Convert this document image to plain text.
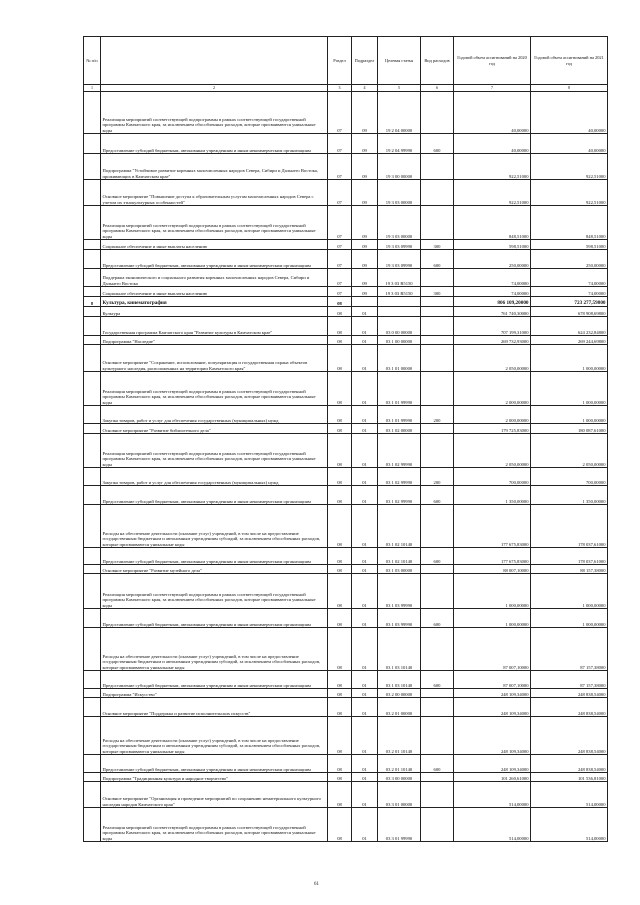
№ п/п		Раздел	Подраздел	Целевая статья	Вид расходов	Годовой объем ассигнований на 2020 год	Годовой объем ассигнований на 2021 год
1	2	3	4	5	6	7	8
	Реализация мероприятий соответствующей подпрограммы в рамках соответствующей государственной программы Камчатского края, за исключением обособленных расходов, которые присваиваются уникальные коды	07	09	19 2 04 00000		40,00000	40,00000
	Предоставление субсидий бюджетным, автономным учреждениям и иным некоммерческим организациям	07	09	19 2 04 99990	600	40,00000	40,00000
	Подпрограмма "Устойчивое развитие коренных малочисленных народов Севера, Сибири и Дальнего Востока, проживающих в Камчатском крае"	07	09	19 3 00 00000		922,51000	922,51000
	Основное мероприятие "Повышение доступа к образовательным услугам малочисленных народов Севера с учетом их этнокультурных особенностей"	07	09	19 3 03 00000		922,51000	922,51000
	Реализация мероприятий соответствующей подпрограммы в рамках соответствующей государственной программы Камчатского края, за исключением обособленных расходов, которые присваиваются уникальные коды	07	09	19 3 03 00000		848,51000	848,51000
	Социальное обеспечение и иные выплаты населению	07	09	19 3 03 09990	300	598,51000	598,51000
	Предоставление субсидий бюджетным, автономным учреждениям и иным некоммерческим организациям	07	09	19 3 03 09990	600	250,00000	250,00000
	Поддержка экономического и социального развития коренных малочисленных народов Севера, Сибири и Дальнего Востока	07	09	19 3 03 R5150		74,00000	74,00000
	Социальное обеспечение и иные выплаты населению	07	09	19 3 03 R5150	300	74,00000	74,00000
8	Культура, кинематография	08				806 109,20000	723 277,59800
	Культура	08	01			761 740,30000	678 908,69800
	Государственная программа Камчатского края "Развитие культуры в Камчатском крае"	08	01	03 0 00 00000		707 199,31000	624 232,84800
	Подпрограмма "Наследие"	08	01	03 1 00 00000		269 732,93000	269 244,69800
	Основное мероприятие "Сохранение, использование, популяризация и государственная охрана объектов культурного наследия, расположенных на территории Камчатского края"	08	01	03 1 01 00000		2 050,00000	1 000,00000
	Реализация мероприятий соответствующей подпрограммы в рамках соответствующей государственной программы Камчатского края, за исключением обособленных расходов, которые присваиваются уникальные коды	08	01	03 1 01 99990		2 000,00000	1 000,00000
	Закупка товаров, работ и услуг для обеспечения государственных (муниципальных) нужд	08	01	03 1 01 99990	200	2 000,00000	1 000,00000
	Основное мероприятие "Развитие библиотечного дела"	08	01	03 1 02 00000		179 725,83000	180 087,61000
	Реализация мероприятий соответствующей подпрограммы в рамках соответствующей государственной программы Камчатского края, за исключением обособленных расходов, которые присваиваются уникальные коды	08	01	03 1 02 99990		2 050,00000	2 050,00000
	Закупка товаров, работ и услуг для обеспечения государственных (муниципальных) нужд	08	01	03 1 02 99990	200	700,00000	700,00000
	Предоставление субсидий бюджетным, автономным учреждениям и иным некоммерческим организациям	08	01	03 1 02 99990	600	1 350,00000	1 350,00000
	Расходы на обеспечение деятельности (оказание услуг) учреждений, в том числе на предоставление государственным бюджетным и автономным учреждениям субсидий, за исключением обособленных расходов, которые присваиваются уникальные коды	08	01	03 1 02 10140		177 675,83000	178 037,61000
	Предоставление субсидий бюджетным, автономным учреждениям и иным некоммерческим организациям	08	01	03 1 02 10140	600	177 675,83000	178 037,61000
	Основное мероприятие "Развитие музейного дела"	08	01	03 1 03 00000		88 007,10000	88 157,38000
	Реализация мероприятий соответствующей подпрограммы в рамках соответствующей государственной программы Камчатского края, за исключением обособленных расходов, которые присваиваются уникальные коды	08	01	03 1 03 99990		1 000,00000	1 000,00000
	Предоставление субсидий бюджетным, автономным учреждениям и иным некоммерческим организациям	08	01	03 1 03 99990	600	1 000,00000	1 000,00000
	Расходы на обеспечение деятельности (оказание услуг) учреждений, в том числе на предоставление государственным бюджетным и автономным учреждениям субсидий, за исключением обособленных расходов, которые присваиваются уникальные коды	08	01	03 1 03 10140		87 007,10000	87 157,38000
	Предоставление субсидий бюджетным, автономным учреждениям и иным некоммерческим организациям	08	01	03 1 03 10140	600	87 007,10000	87 157,38000
	Подпрограмма "Искусство"	08	01	03 2 00 00000		248 109,34000	248 838,54000
	Основное мероприятие "Поддержка и развитие исполнительских искусств"	08	01	03 2 01 00000		248 109,34000	248 838,54000
	Расходы на обеспечение деятельности (оказание услуг) учреждений, в том числе на предоставление государственным бюджетным и автономным учреждениям субсидий, за исключением обособленных расходов, которые присваиваются уникальные коды	08	01	03 2 01 10140		248 109,34000	248 838,54000
	Предоставление субсидий бюджетным, автономным учреждениям и иным некоммерческим организациям	08	01	03 2 01 10140	600	248 109,34000	248 838,54000
	Подпрограмма "Традиционная культура и народное творчество"	08	01	03 3 00 00000		101 260,61000	101 536,81000
	Основное мероприятие "Организация и проведение мероприятий по сохранению нематериального культурного наследия народов Камчатского края"	08	01	03 3 01 00000		514,00000	514,00000
	Реализация мероприятий соответствующей подпрограммы в рамках соответствующей государственной программы Камчатского края, за исключением обособленных расходов, которые присваиваются уникальные коды	08	01	03 3 01 99990		514,00000	514,00000
61
